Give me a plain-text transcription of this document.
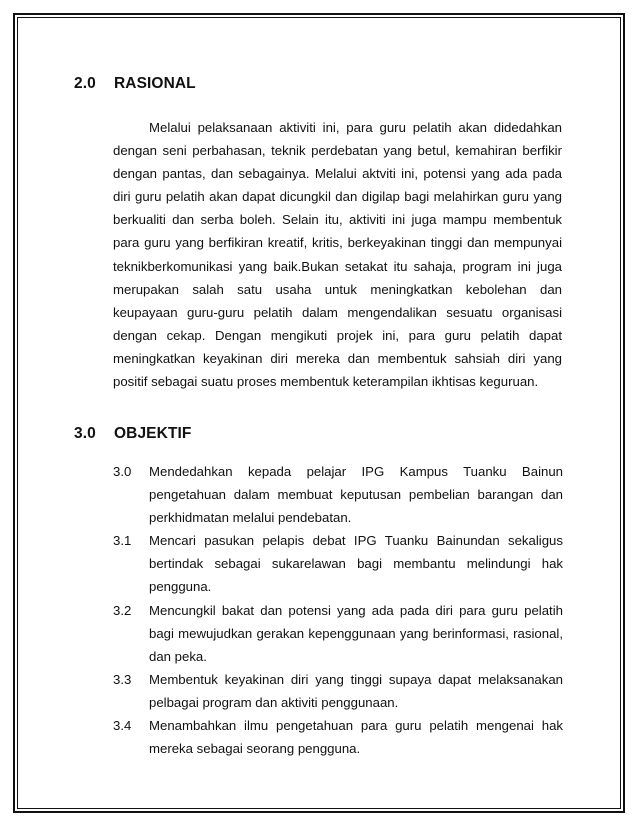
2.0 RASIONAL

Melalui pelaksanaan aktiviti ini, para guru pelatih akan didedahkan dengan seni perbahasan, teknik perdebatan yang betul, kemahiran berfikir dengan pantas, dan sebagainya. Melalui aktviti ini, potensi yang ada pada diri guru pelatih akan dapat dicungkil dan digilap bagi melahirkan guru yang berkualiti dan serba boleh. Selain itu, aktiviti ini juga mampu membentuk para guru yang berfikiran kreatif, kritis, berkeyakinan tinggi dan mempunyai teknikberkomunikasi yang baik.Bukan setakat itu sahaja, program ini juga merupakan salah satu usaha untuk meningkatkan kebolehan dan keupayaan guru-guru pelatih dalam mengendalikan sesuatu organisasi dengan cekap. Dengan mengikuti projek ini, para guru pelatih dapat meningkatkan keyakinan diri mereka dan membentuk sahsiah diri yang positif sebagai suatu proses membentuk keterampilan ikhtisas keguruan.

3.0 OBJEKTIF
3.0	Mendedahkan kepada pelajar IPG Kampus Tuanku Bainun pengetahuan dalam membuat keputusan pembelian barangan dan perkhidmatan melalui pendebatan.
3.1	Mencari pasukan pelapis debat IPG Tuanku Bainundan sekaligus bertindak sebagai sukarelawan bagi membantu melindungi hak pengguna.
3.2	Mencungkil bakat dan potensi yang ada pada diri para guru pelatih bagi mewujudkan gerakan kepenggunaan yang berinformasi, rasional, dan peka.
3.3	Membentuk keyakinan diri yang tinggi supaya dapat melaksanakan pelbagai program dan aktiviti penggunaan.
3.4	Menambahkan ilmu pengetahuan para guru pelatih mengenai hak mereka sebagai seorang pengguna.
